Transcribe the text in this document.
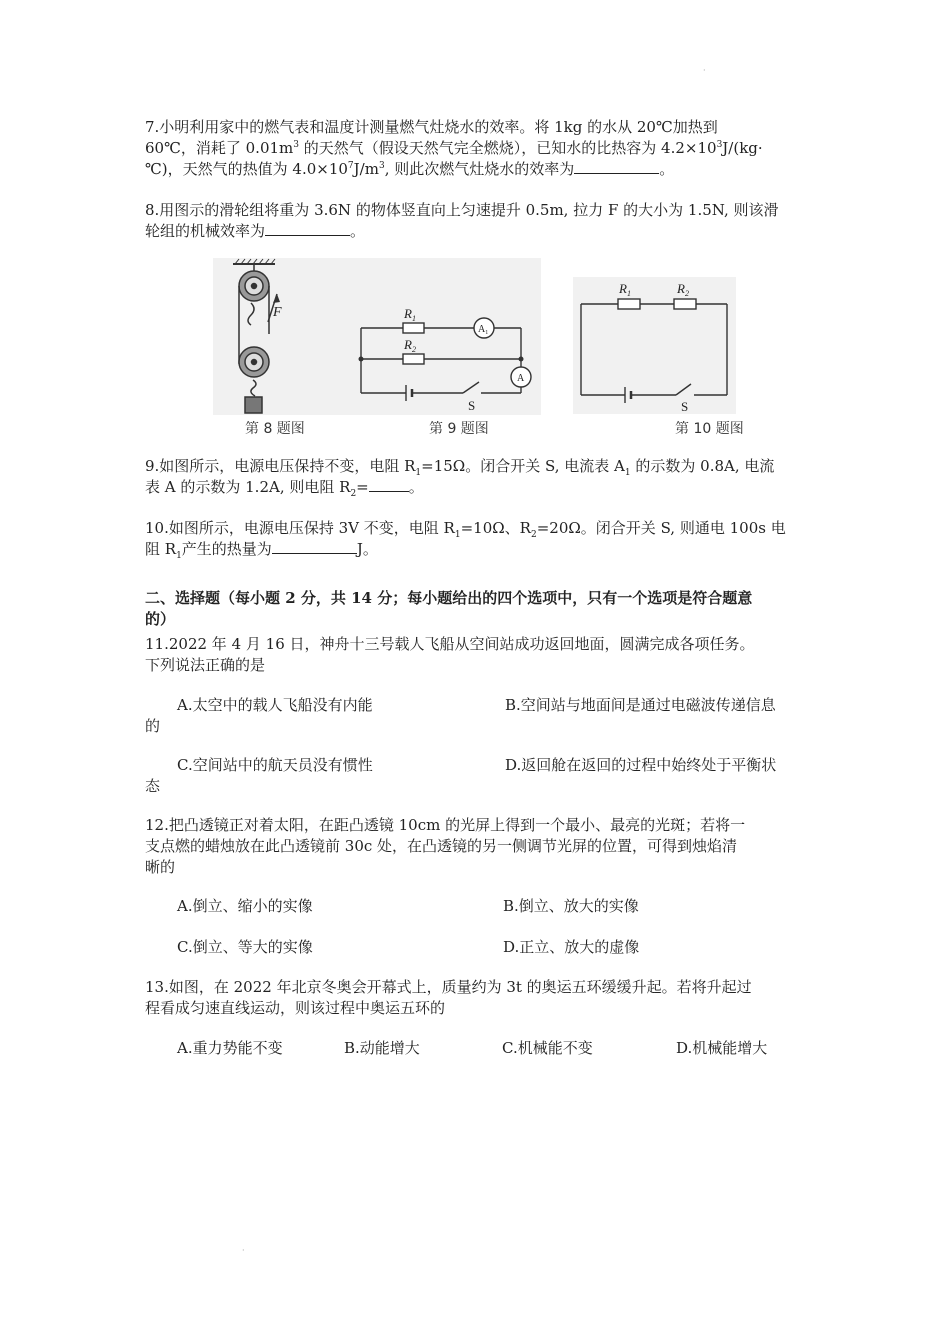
·
7.小明利用家中的燃气表和温度计测量燃气灶烧水的效率。将 1kg 的水从 20℃加热到
60℃，消耗了 $0.01m^3$ 的天然气（假设天然气完全燃烧），已知水的比热容为 $4.2\times 10^3J/(kg\cdot$
℃)，天然气的热值为 $4.0\times 10^7J/m^3$, 则此次燃气灶烧水的效率为	。
8.用图示的滑轮组将重为 3.6N 的物体竖直向上匀速提升 0.5m, 拉力 F 的大小为 1.5N, 则该滑
轮组的机械效率为	。
F	$R_1$
$R_2$
$A_1$
A
S
$R_1$	$R_2$
S
第 8 题图	第 9 题图	第 10 题图
9.如图所示，电源电压保持不变，电阻 $R_1=15\Omega$。闭合开关 S, 电流表 $A_1$ 的示数为 0.8A, 电流
表 A 的示数为 1.2A, 则电阻 $R_2=$	。
10.如图所示，电源电压保持 3V 不变，电阻 $R_1=10\Omega$、$R_2=20\Omega$。闭合开关 S, 则通电 100s 电
阻 $R_1$产生的热量为	J。
二、选择题（每小题 2 分，共 14 分；每小题给出的四个选项中，只有一个选项是符合题意
的）
11.2022 年 4 月 16 日，神舟十三号载人飞船从空间站成功返回地面，圆满完成各项任务。
下列说法正确的是
A.太空中的载人飞船没有内能	B.空间站与地面间是通过电磁波传递信息
的
C.空间站中的航天员没有惯性	D.返回舱在返回的过程中始终处于平衡状
态
12.把凸透镜正对着太阳，在距凸透镜 10cm 的光屏上得到一个最小、最亮的光斑；若将一
支点燃的蜡烛放在此凸透镜前 30c 处，在凸透镜的另一侧调节光屏的位置，可得到烛焰清
晰的
A.倒立、缩小的实像	B.倒立、放大的实像
C.倒立、等大的实像	D.正立、放大的虚像
13.如图，在 2022 年北京冬奥会开幕式上，质量约为 3t 的奥运五环缓缓升起。若将升起过
程看成匀速直线运动，则该过程中奥运五环的
A.重力势能不变	B.动能增大	C.机械能不变	D.机械能增大
·
